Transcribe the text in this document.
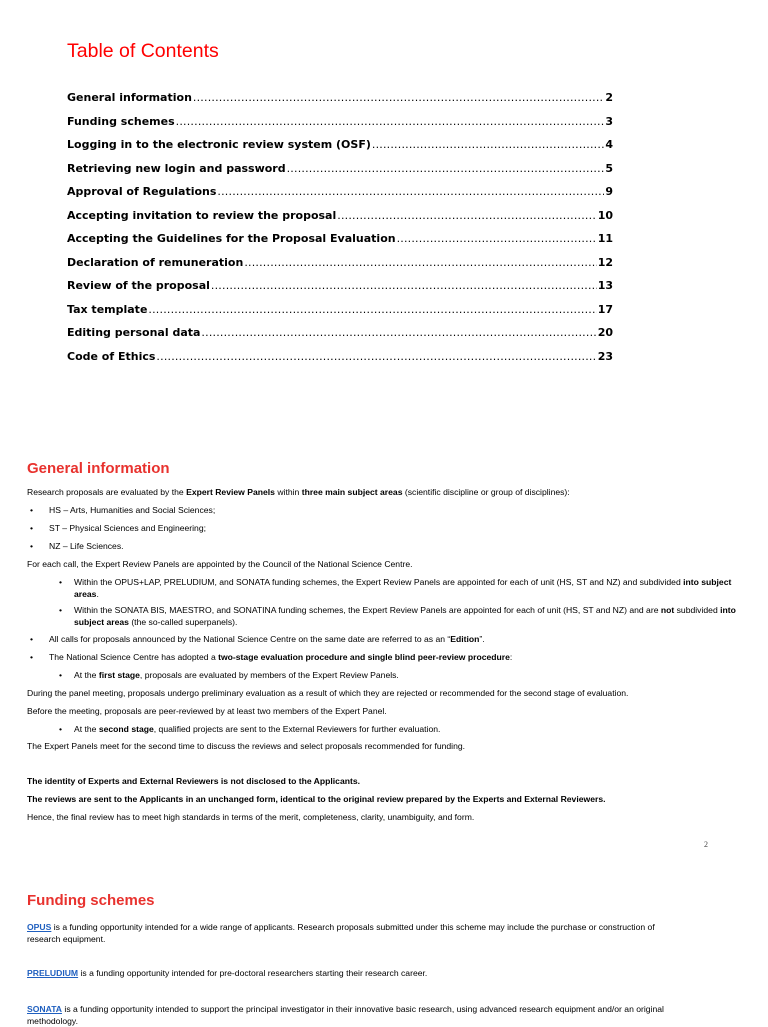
Table of Contents
General information .....	2
Funding schemes .....	3
Logging in to the electronic review system (OSF) .....	4
Retrieving new login and password .....	5
Approval of Regulations .....	9
Accepting invitation to review the proposal .....	10
Accepting the Guidelines for the Proposal Evaluation .....	11
Declaration of remuneration .....	12
Review of the proposal .....	13
Tax template .....	17
Editing personal data .....	20
Code of Ethics .....	23
General information
Research proposals are evaluated by the Expert Review Panels within three main subject areas (scientific discipline or group of disciplines):
• HS – Arts, Humanities and Social Sciences;
• ST – Physical Sciences and Engineering;
• NZ – Life Sciences.
For each call, the Expert Review Panels are appointed by the Council of the National Science Centre.
• Within the OPUS+LAP, PRELUDIUM, and SONATA funding schemes, the Expert Review Panels are appointed for each of unit (HS, ST and NZ) and subdivided into subject
areas.
• Within the SONATA BIS, MAESTRO, and SONATINA funding schemes, the Expert Review Panels are appointed for each of unit (HS, ST and NZ) and are not subdivided into
subject areas (the so-called superpanels).
• All calls for proposals announced by the National Science Centre on the same date are referred to as an “Edition”.
• The National Science Centre has adopted a two-stage evaluation procedure and single blind peer-review procedure:
• At the first stage, proposals are evaluated by members of the Expert Review Panels.
During the panel meeting, proposals undergo preliminary evaluation as a result of which they are rejected or recommended for the second stage of evaluation.
Before the meeting, proposals are peer-reviewed by at least two members of the Expert Panel.
• At the second stage, qualified projects are sent to the External Reviewers for further evaluation.
The Expert Panels meet for the second time to discuss the reviews and select proposals recommended for funding.
The identity of Experts and External Reviewers is not disclosed to the Applicants.
The reviews are sent to the Applicants in an unchanged form, identical to the original review prepared by the Experts and External Reviewers.
Hence, the final review has to meet high standards in terms of the merit, completeness, clarity, unambiguity, and form.
2
Funding schemes
OPUS is a funding opportunity intended for a wide range of applicants. Research proposals submitted under this scheme may include the purchase or construction of
research equipment.
PRELUDIUM is a funding opportunity intended for pre-doctoral researchers starting their research career.
SONATA is a funding opportunity intended to support the principal investigator in their innovative basic research, using advanced research equipment and/or an original
methodology.
